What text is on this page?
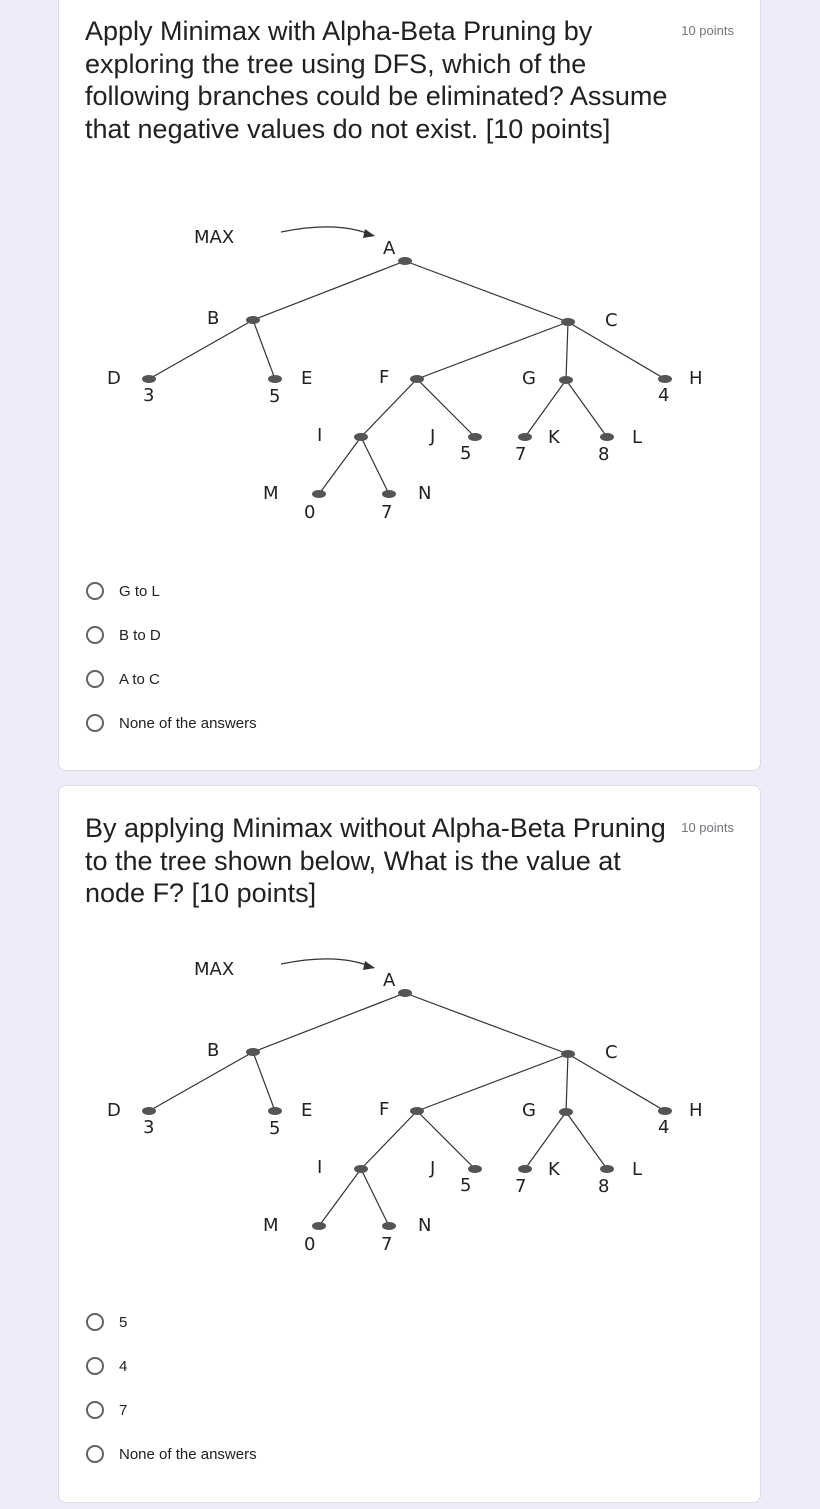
Apply Minimax with Alpha-Beta Pruning by exploring the tree using DFS, which of the following branches could be eliminated? Assume that negative values do not exist. [10 points]
10 points
MAX
A
B	C
D	E	F	G	H
I	J	K	L
M	N
3	5	4
5 7	8
0	7
G to L
B to D
A to C
None of the answers
By applying Minimax without Alpha-Beta Pruning to the tree shown below, What is the value at node F? [10 points]
10 points
MAX
A
B	C
D	E	F	G	H
I	J	K	L
M	N
3	5	4
5 7	8
0	7
5
4
7
None of the answers
